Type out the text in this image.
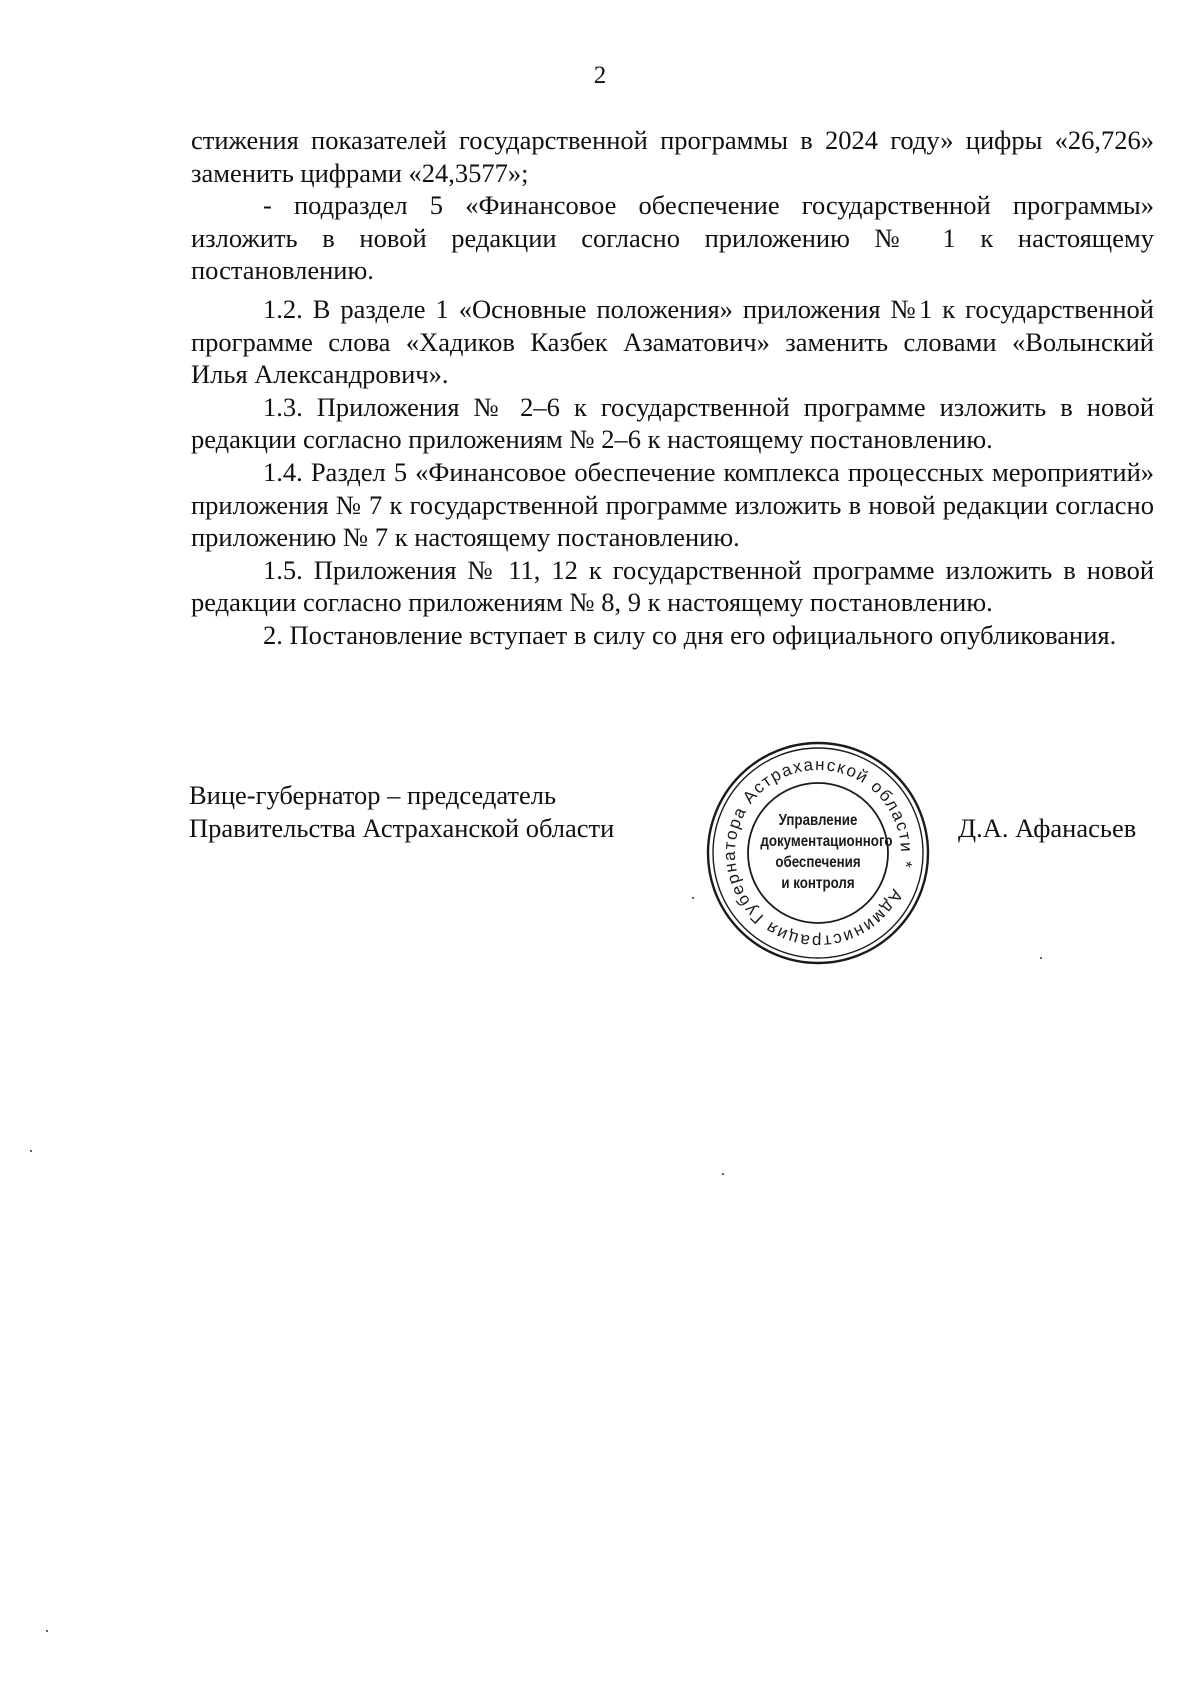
2

стижения показателей государственной программы в 2024 году» цифры «26,726» заменить цифрами «24,3577»;

- подраздел 5 «Финансовое обеспечение государственной программы» изложить в новой редакции согласно приложению № 1 к настоящему постановлению.

1.2. В разделе 1 «Основные положения» приложения №1 к государственной программе слова «Хадиков Казбек Азаматович» заменить словами «Волынский Илья Александрович».

1.3. Приложения № 2–6 к государственной программе изложить в новой редакции согласно приложениям № 2–6 к настоящему постановлению.

1.4. Раздел 5 «Финансовое обеспечение комплекса процессных мероприятий» приложения № 7 к государственной программе изложить в новой редакции согласно приложению № 7 к настоящему постановлению.

1.5. Приложения № 11, 12 к государственной программе изложить в новой редакции согласно приложениям № 8, 9 к настоящему постановлению.

2. Постановление вступает в силу со дня его официального опубликования.

Вице-губернатор – председатель
Правительства Астраханской области	Д.А. Афанасьев
Администрация Губернатора Астраханской области *
Управление
документационного
обеспечения
и контроля
